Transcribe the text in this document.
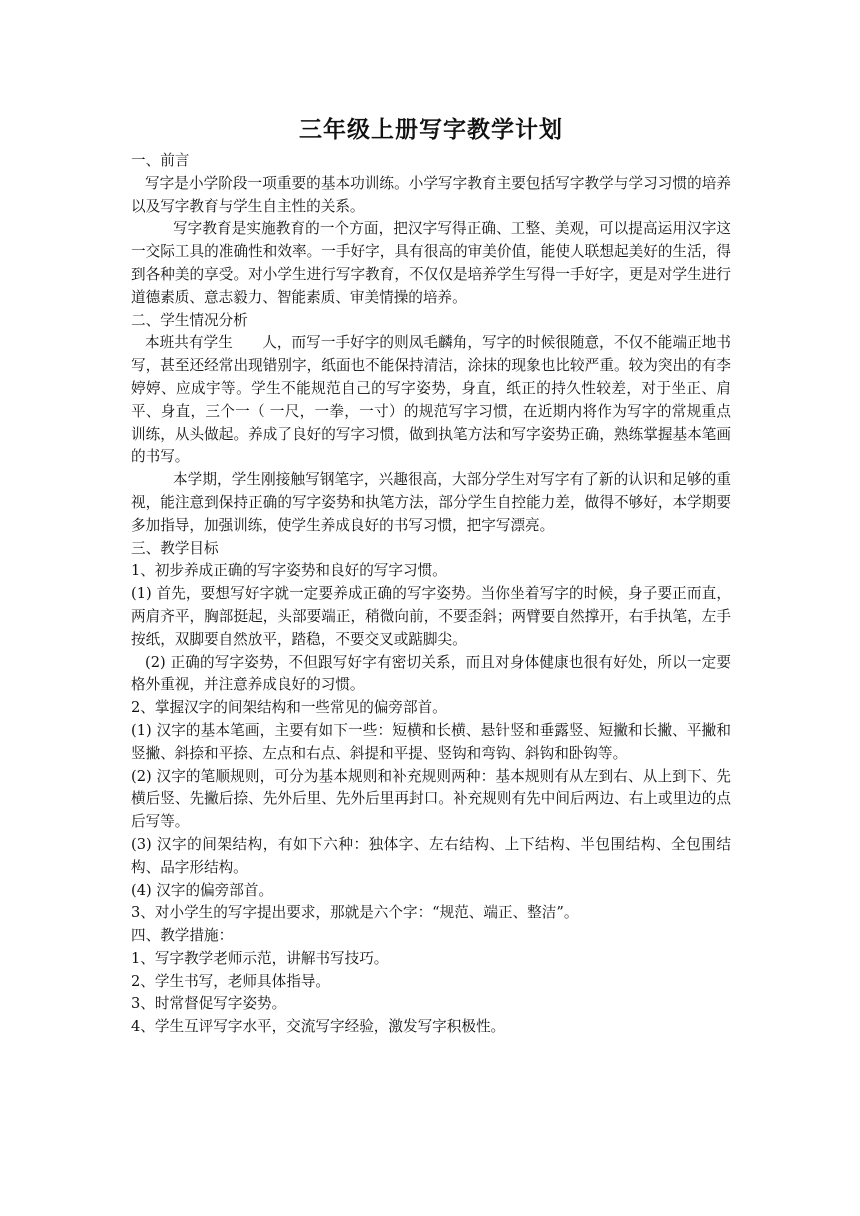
三年级上册写字教学计划

一、前言

写字是小学阶段一项重要的基本功训练。小学写字教育主要包括写字教学与学习习惯的培养以及写字教育与学生自主性的关系。

写字教育是实施教育的一个方面，把汉字写得正确、工整、美观，可以提高运用汉字这一交际工具的准确性和效率。一手好字，具有很高的审美价值，能使人联想起美好的生活，得到各种美的享受。对小学生进行写字教育，不仅仅是培养学生写得一手好字，更是对学生进行道德素质、意志毅力、智能素质、审美情操的培养。

二、学生情况分析

本班共有学生　　人，而写一手好字的则凤毛麟角，写字的时候很随意，不仅不能端正地书写，甚至还经常出现错别字，纸面也不能保持清洁，涂抹的现象也比较严重。较为突出的有李婷婷、应成宇等。学生不能规范自己的写字姿势，身直，纸正的持久性较差，对于坐正、肩平、身直，三个一（ 一尺，一拳，一寸）的规范写字习惯，在近期内将作为写字的常规重点训练，从头做起。养成了良好的写字习惯，做到执笔方法和写字姿势正确，熟练掌握基本笔画的书写。

本学期，学生刚接触写钢笔字，兴趣很高，大部分学生对写字有了新的认识和足够的重视，能注意到保持正确的写字姿势和执笔方法，部分学生自控能力差，做得不够好，本学期要多加指导，加强训练，使学生养成良好的书写习惯，把字写漂亮。

三、教学目标

1、初步养成正确的写字姿势和良好的写字习惯。

(1) 首先，要想写好字就一定要养成正确的写字姿势。当你坐着写字的时候，身子要正而直，两肩齐平，胸部挺起，头部要端正，稍微向前，不要歪斜；两臂要自然撑开，右手执笔，左手按纸，双脚要自然放平，踏稳，不要交叉或踮脚尖。

(2) 正确的写字姿势，不但跟写好字有密切关系，而且对身体健康也很有好处，所以一定要格外重视，并注意养成良好的习惯。

2、掌握汉字的间架结构和一些常见的偏旁部首。

(1) 汉字的基本笔画，主要有如下一些：短横和长横、悬针竖和垂露竖、短撇和长撇、平撇和竖撇、斜捺和平捺、左点和右点、斜提和平提、竖钩和弯钩、斜钩和卧钩等。

(2) 汉字的笔顺规则，可分为基本规则和补充规则两种：基本规则有从左到右、从上到下、先横后竖、先撇后捺、先外后里、先外后里再封口。补充规则有先中间后两边、右上或里边的点后写等。

(3) 汉字的间架结构，有如下六种：独体字、左右结构、上下结构、半包围结构、全包围结构、品字形结构。

(4) 汉字的偏旁部首。

3、对小学生的写字提出要求，那就是六个字：“规范、端正、整洁”。

四、教学措施：

1、写字教学老师示范，讲解书写技巧。

2、学生书写，老师具体指导。

3、时常督促写字姿势。

4、学生互评写字水平，交流写字经验，激发写字积极性。
